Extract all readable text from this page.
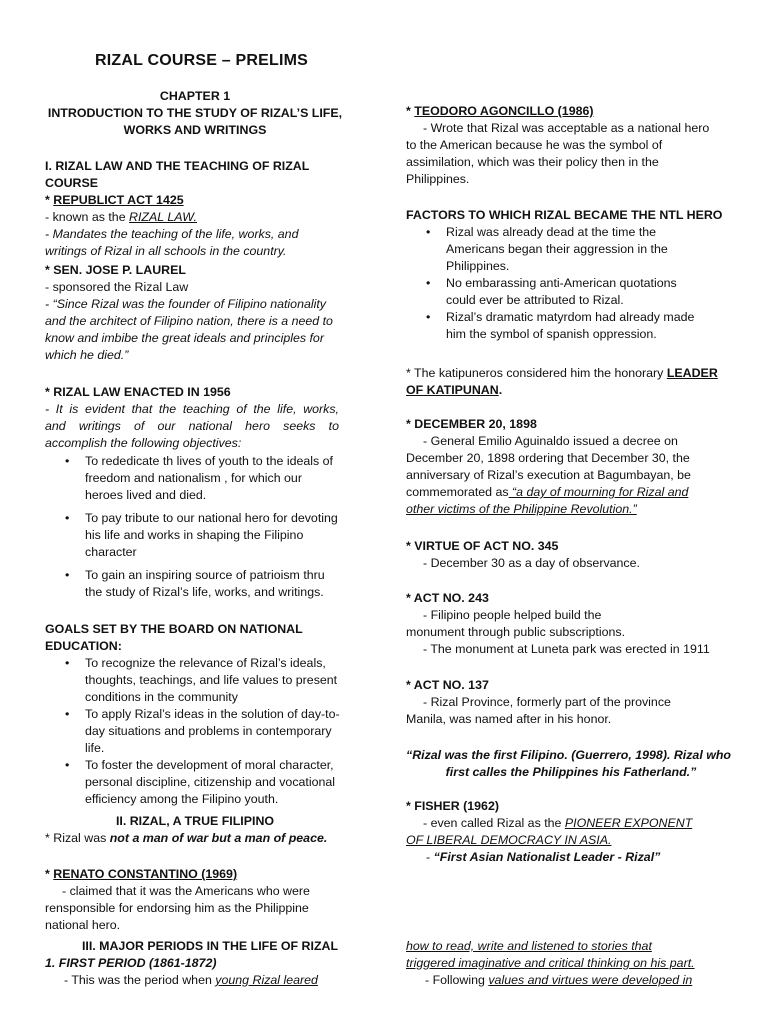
RIZAL COURSE – PRELIMS
CHAPTER 1
INTRODUCTION TO THE STUDY OF RIZAL’S LIFE,
WORKS AND WRITINGS
I. RIZAL LAW AND THE TEACHING OF RIZAL COURSE
* REPUBLICT ACT 1425
- known as the RIZAL LAW.
- Mandates the teaching of the life, works, and
writings of Rizal in all schools in the country.
* SEN. JOSE P. LAUREL
- sponsored the Rizal Law
- “Since Rizal was the founder of Filipino nationality
and the architect of Filipino nation, there is a need to
know and imbibe the great ideals and principles for
which he died.”
* RIZAL LAW ENACTED IN 1956
- It is evident that the teaching of the life, works,
and writings of our national hero seeks to
accomplish the following objectives:
• To rededicate th lives of youth to the ideals of freedom and nationalism , for which our heroes lived and died.
• To pay tribute to our national hero for devoting his life and works in shaping the Filipino character
• To gain an inspiring source of patrioism thru the study of Rizal’s life, works, and writings.
GOALS SET BY THE BOARD ON NATIONAL EDUCATION:
• To recognize the relevance of Rizal’s ideals, thoughts, teachings, and life values to present conditions in the community
• To apply Rizal’s ideas in the solution of day-to-day situations and problems in contemporary life.
• To foster the development of moral character, personal discipline, citizenship and vocational efficiency among the Filipino youth.
II. RIZAL, A TRUE FILIPINO
* Rizal was not a man of war but a man of peace.
* RENATO CONSTANTINO (1969)
- claimed that it was the Americans who were
rensponsible for endorsing him as the Philippine
national hero.
III. MAJOR PERIODS IN THE LIFE OF RIZAL
1. FIRST PERIOD (1861-1872)
- This was the period when young Rizal leared
* TEODORO AGONCILLO (1986)
- Wrote that Rizal was acceptable as a national hero
to the American because he was the symbol of
assimilation, which was their policy then in the
Philippines.
FACTORS TO WHICH RIZAL BECAME THE NTL HERO
• Rizal was already dead at the time the Americans began their aggression in the Philippines.
• No embarassing anti-American quotations could ever be attributed to Rizal.
• Rizal’s dramatic matyrdom had already made him the symbol of spanish oppression.
* The katipuneros considered him the honorary LEADER
OF KATIPUNAN.
* DECEMBER 20, 1898
- General Emilio Aguinaldo issued a decree on
December 20, 1898 ordering that December 30, the
anniversary of Rizal’s execution at Bagumbayan, be
commemorated as “a day of mourning for Rizal and
other victims of the Philippine Revolution.”
* VIRTUE OF ACT NO. 345
- December 30 as a day of observance.
* ACT NO. 243
- Filipino people helped build the
monument through public subscriptions.
- The monument at Luneta park was erected in 1911
* ACT NO. 137
- Rizal Province, formerly part of the province
Manila, was named after in his honor.
“Rizal was the first Filipino. (Guerrero, 1998). Rizal who
first calles the Philippines his Fatherland.”
* FISHER (1962)
- even called Rizal as the PIONEER EXPONENT
OF LIBERAL DEMOCRACY IN ASIA.
- “First Asian Nationalist Leader - Rizal”
how to read, write and listened to stories that
triggered imaginative and critical thinking on his part.
- Following values and virtues were developed in
